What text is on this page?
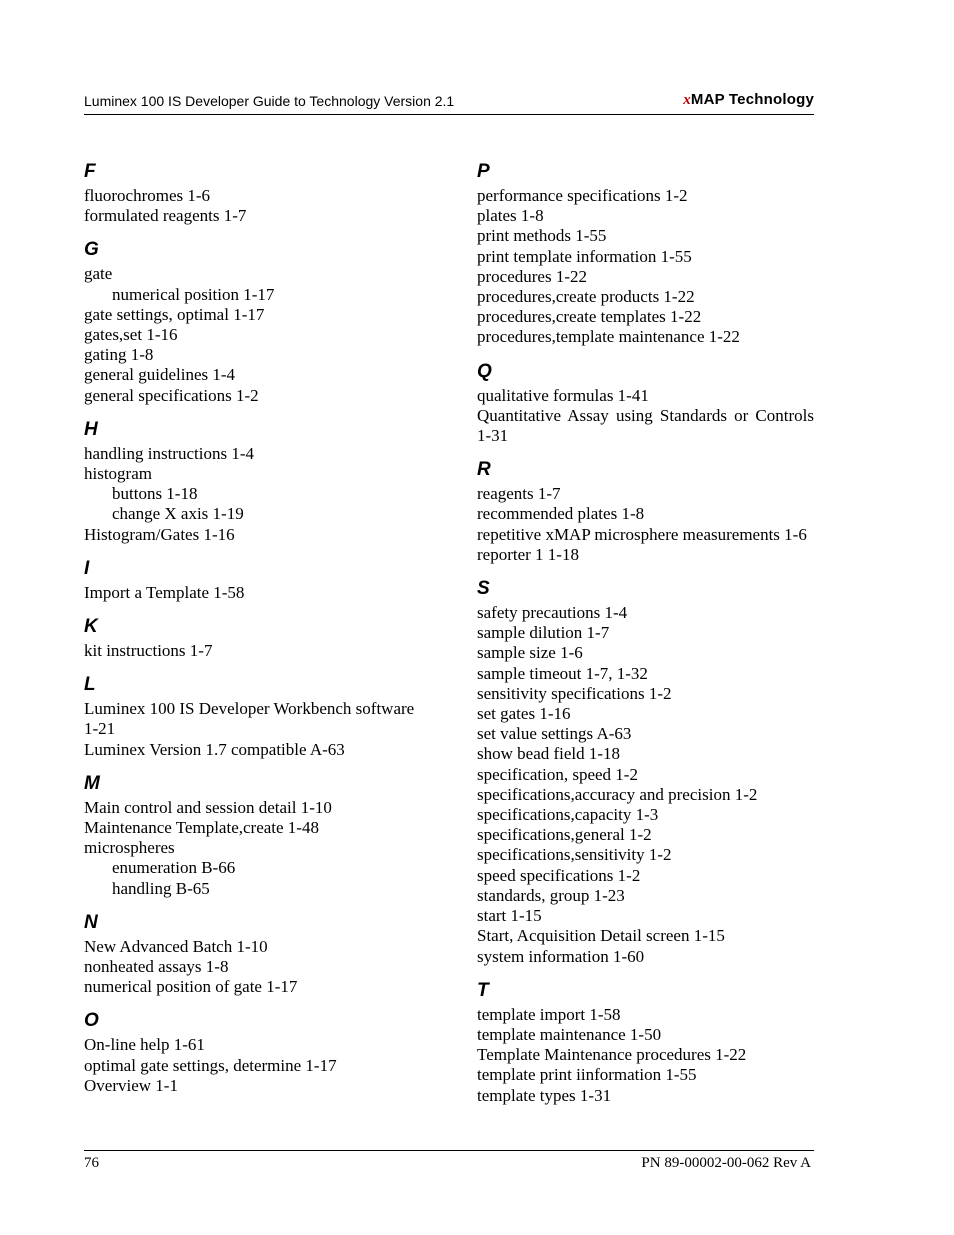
Luminex 100 IS Developer Guide to Technology Version 2.1	xMAP Technology
F
fluorochromes 1-6
formulated reagents 1-7
G
gate
numerical position 1-17
gate settings, optimal 1-17
gates,set 1-16
gating 1-8
general guidelines 1-4
general specifications 1-2
H
handling instructions 1-4
histogram
buttons 1-18
change X axis 1-19
Histogram/Gates 1-16
I
Import a Template 1-58
K
kit instructions 1-7
L
Luminex 100 IS Developer Workbench software 1-21
Luminex Version 1.7 compatible A-63
M
Main control and session detail 1-10
Maintenance Template,create 1-48
microspheres
enumeration B-66
handling B-65
N
New Advanced Batch 1-10
nonheated assays 1-8
numerical position of gate 1-17
O
On-line help 1-61
optimal gate settings, determine 1-17
Overview 1-1
P
performance specifications 1-2
plates 1-8
print methods 1-55
print template information 1-55
procedures 1-22
procedures,create products 1-22
procedures,create templates 1-22
procedures,template maintenance 1-22
Q
qualitative formulas 1-41
Quantitative Assay using Standards or Controls 1-31
R
reagents 1-7
recommended plates 1-8
repetitive xMAP microsphere measurements 1-6
reporter 1 1-18
S
safety precautions 1-4
sample dilution 1-7
sample size 1-6
sample timeout 1-7, 1-32
sensitivity specifications 1-2
set gates 1-16
set value settings A-63
show bead field 1-18
specification, speed 1-2
specifications,accuracy and precision 1-2
specifications,capacity 1-3
specifications,general 1-2
specifications,sensitivity 1-2
speed specifications 1-2
standards, group 1-23
start 1-15
Start, Acquisition Detail screen 1-15
system information 1-60
T
template import 1-58
template maintenance 1-50
Template Maintenance procedures 1-22
template print iinformation 1-55
template types 1-31
76	PN 89-00002-00-062 Rev A
